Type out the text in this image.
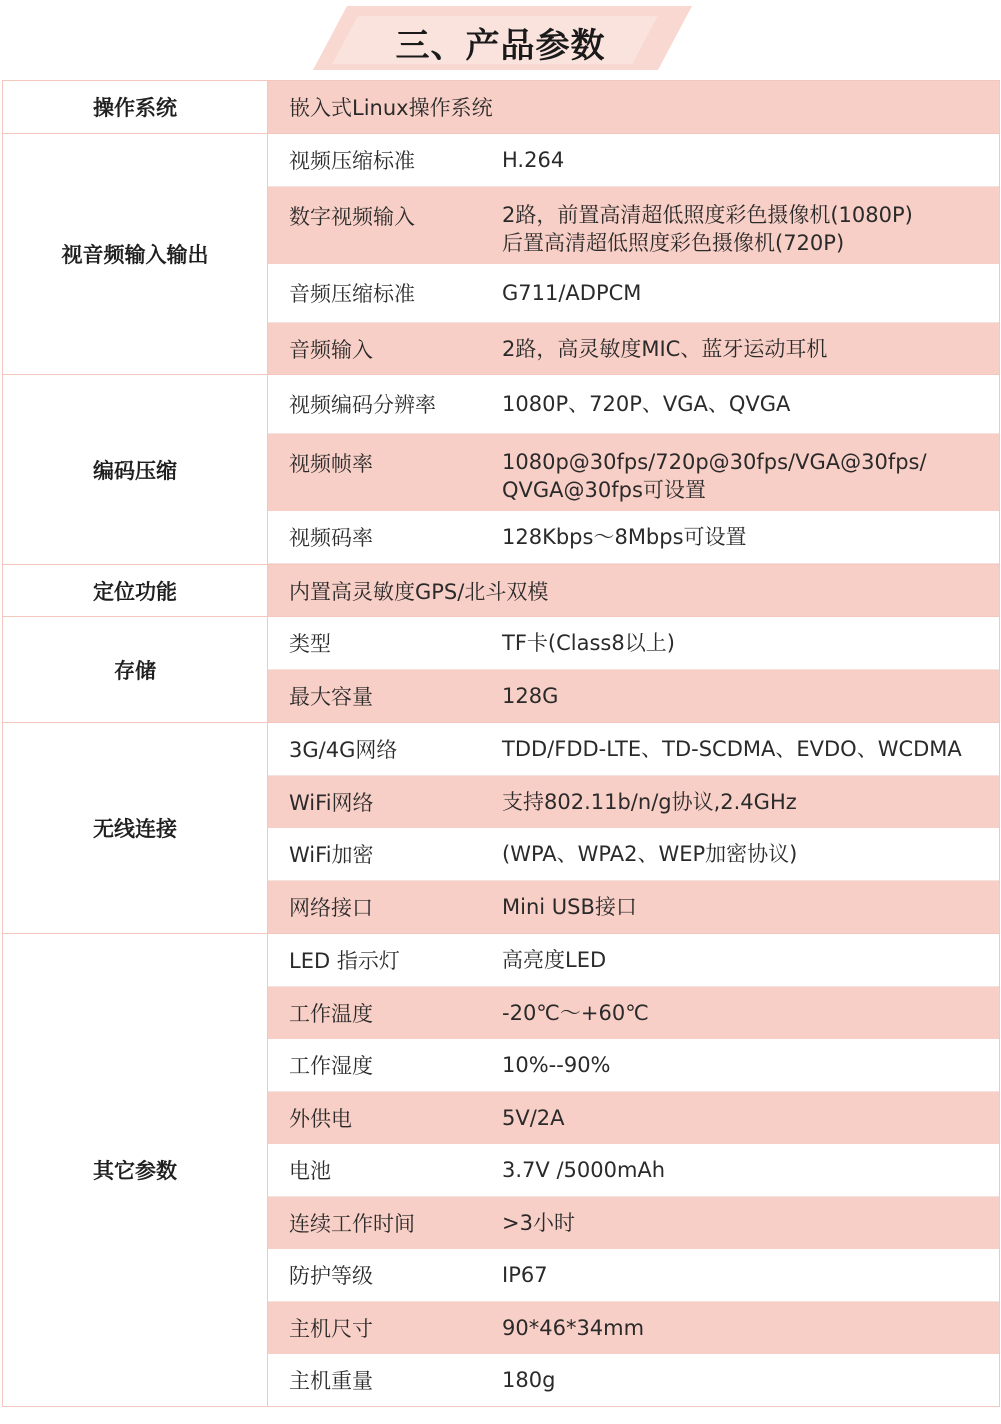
三、产品参数
操作系统	嵌入式Linux操作系统
视音频输入输出
视频压缩标准	H.264
数字视频输入	2路，前置高清超低照度彩色摄像机(1080P)
后置高清超低照度彩色摄像机(720P)
音频压缩标准	G711/ADPCM
音频输入	2路，高灵敏度MIC、蓝牙运动耳机
编码压缩
视频编码分辨率	1080P、720P、VGA、QVGA
视频帧率	1080p@30fps/720p@30fps/VGA@30fps/
QVGA@30fps可设置
视频码率	128Kbps～8Mbps可设置
定位功能	内置高灵敏度GPS/北斗双模
存储
类型	TF卡(Class8以上)
最大容量	128G
无线连接
3G/4G网络	TDD/FDD-LTE、TD-SCDMA、EVDO、WCDMA
WiFi网络	支持802.11b/n/g协议,2.4GHz
WiFi加密	(WPA、WPA2、WEP加密协议)
网络接口	Mini USB接口
其它参数
LED 指示灯	高亮度LED
工作温度	-20℃～+60℃
工作湿度	10%--90%
外供电	5V/2A
电池	3.7V /5000mAh
连续工作时间	>3小时
防护等级	IP67
主机尺寸	90*46*34mm
主机重量	180g
